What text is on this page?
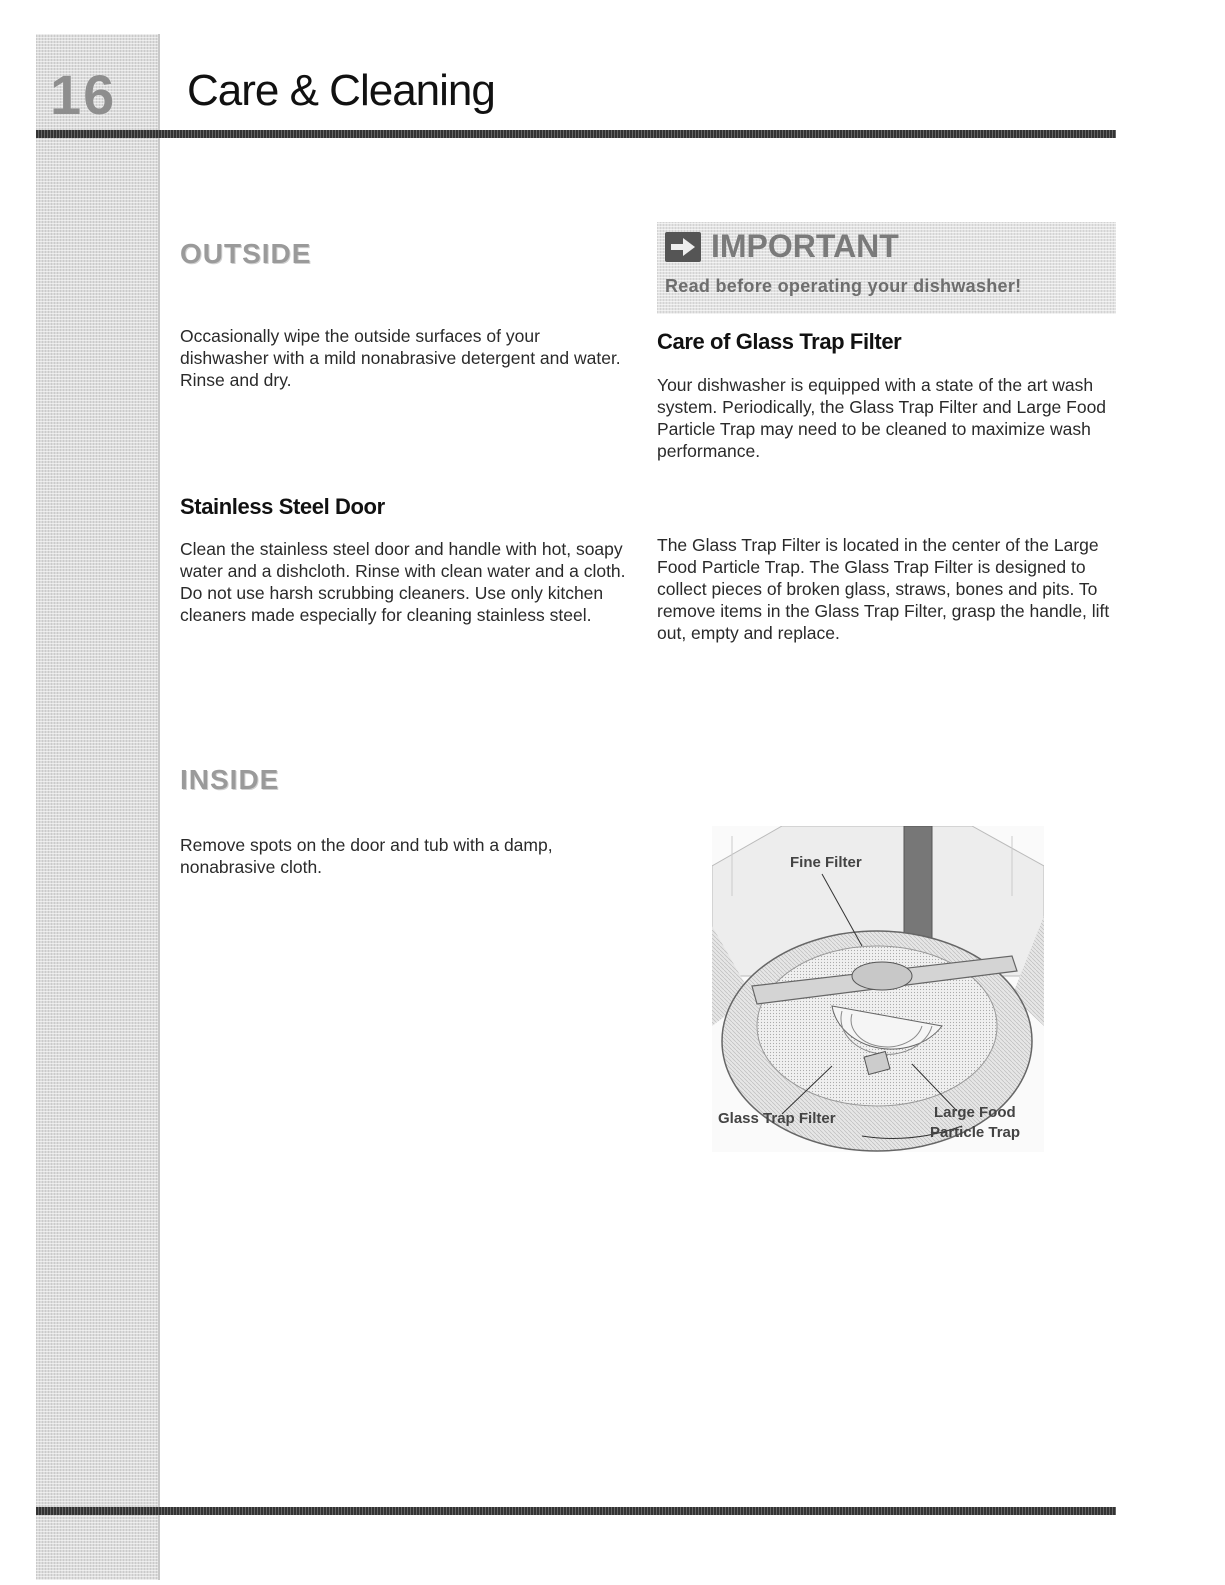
16	Care & Cleaning
OUTSIDE

Occasionally wipe the outside surfaces of your dishwasher with a mild nonabrasive detergent and water. Rinse and dry.

Stainless Steel Door

Clean the stainless steel door and handle with hot, soapy water and a dishcloth. Rinse with clean water and a cloth. Do not use harsh scrubbing cleaners. Use only kitchen cleaners made especially for cleaning stainless steel.

INSIDE

Remove spots on the door and tub with a damp, nonabrasive cloth.

IMPORTANT
Read before operating your dishwasher!
Care of Glass Trap Filter

Your dishwasher is equipped with a state of the art wash system. Periodically, the Glass Trap Filter and Large Food Particle Trap may need to be cleaned to maximize wash performance.

The Glass Trap Filter is located in the center of the Large Food Particle Trap. The Glass Trap Filter is designed to collect pieces of broken glass, straws, bones and pits. To remove items in the Glass Trap Filter, grasp the handle, lift out, empty and replace.

Fine Filter
Glass Trap Filter	Large Food
Particle Trap
